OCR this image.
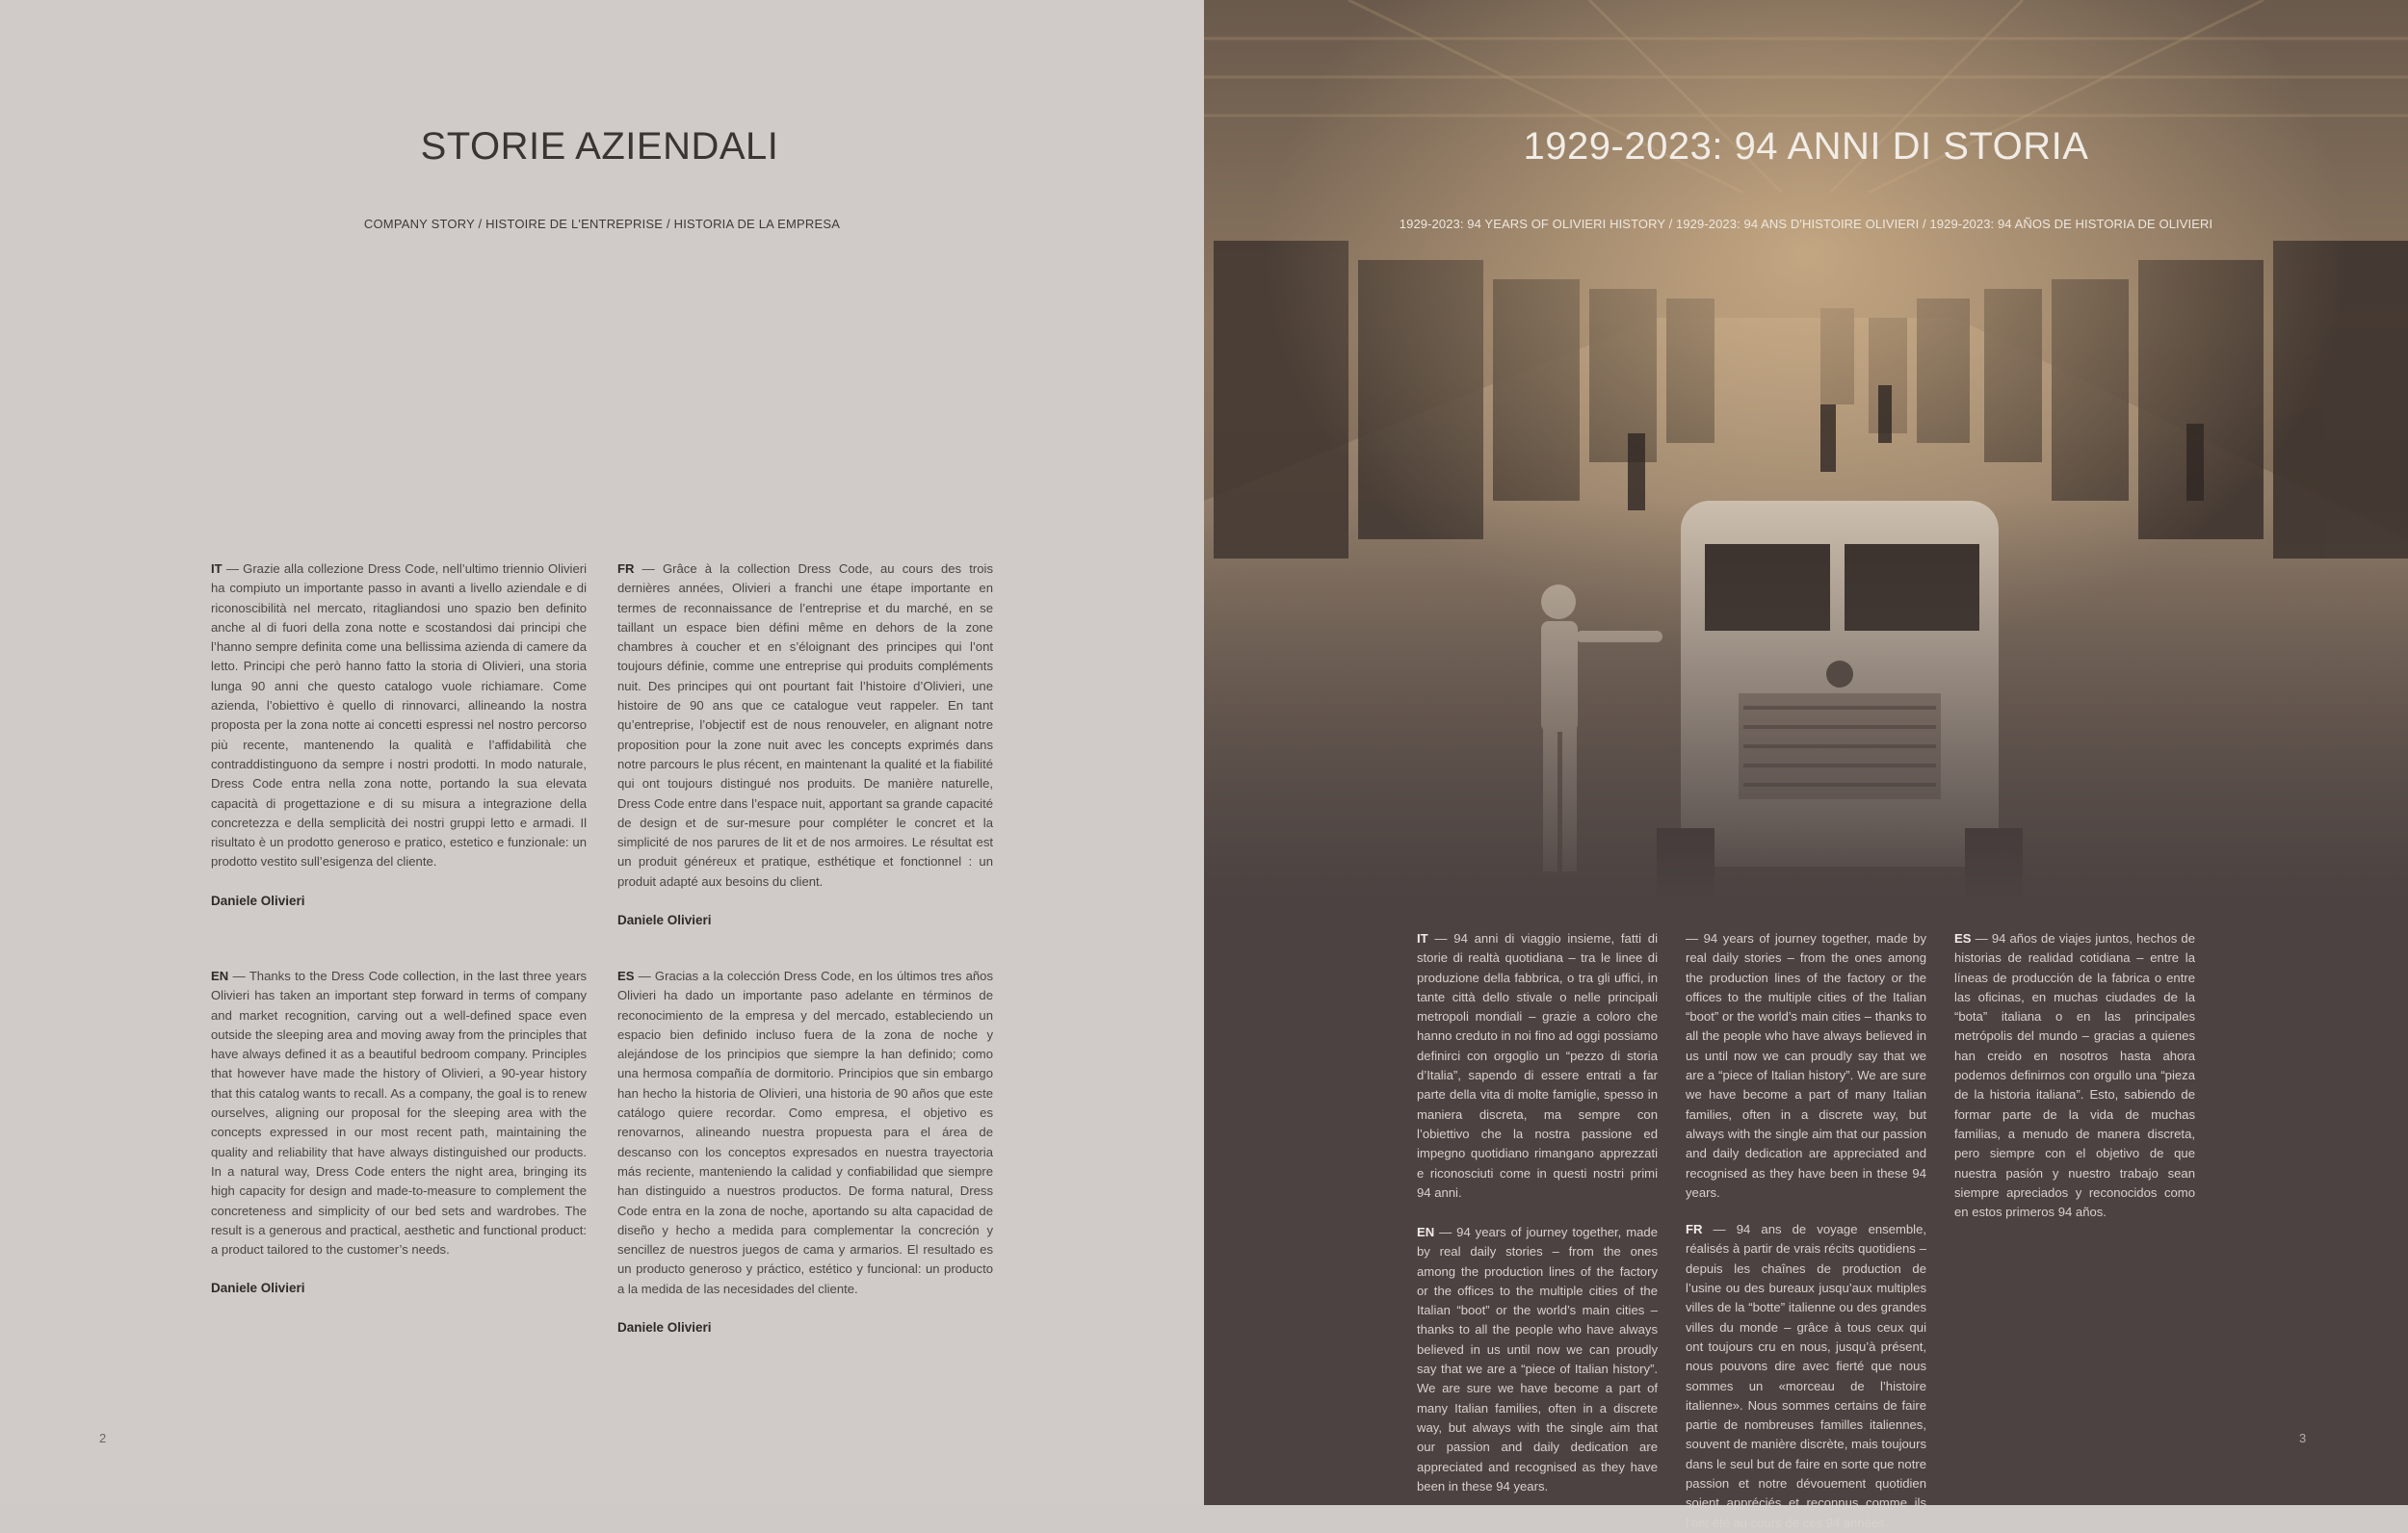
STORIE AZIENDALI
COMPANY STORY / HISTOIRE DE L'ENTREPRISE / HISTORIA DE LA EMPRESA

IT — Grazie alla collezione Dress Code, nell’ultimo triennio Olivieri ha compiuto un importante passo in avanti a livello aziendale e di riconoscibilità nel mercato, ritagliandosi uno spazio ben definito anche al di fuori della zona notte e scostandosi dai principi che l’hanno sempre definita come una bellissima azienda di camere da letto. Principi che però hanno fatto la storia di Olivieri, una storia lunga 90 anni che questo catalogo vuole richiamare. Come azienda, l’obiettivo è quello di rinnovarci, allineando la nostra proposta per la zona notte ai concetti espressi nel nostro percorso più recente, mantenendo la qualità e l’affidabilità che contraddistinguono da sempre i nostri prodotti. In modo naturale, Dress Code entra nella zona notte, portando la sua elevata capacità di progettazione e di su misura a integrazione della concretezza e della semplicità dei nostri gruppi letto e armadi. Il risultato è un prodotto generoso e pratico, estetico e funzionale: un prodotto vestito sull’esigenza del cliente.

Daniele Olivieri

FR — Grâce à la collection Dress Code, au cours des trois dernières années, Olivieri a franchi une étape importante en termes de reconnaissance de l’entreprise et du marché, en se taillant un espace bien défini même en dehors de la zone chambres à coucher et en s’éloignant des principes qui l’ont toujours définie, comme une entreprise qui produits compléments nuit. Des principes qui ont pourtant fait l’histoire d’Olivieri, une histoire de 90 ans que ce catalogue veut rappeler. En tant qu’entreprise, l’objectif est de nous renouveler, en alignant notre proposition pour la zone nuit avec les concepts exprimés dans notre parcours le plus récent, en maintenant la qualité et la fiabilité qui ont toujours distingué nos produits. De manière naturelle, Dress Code entre dans l’espace nuit, apportant sa grande capacité de design et de sur-mesure pour compléter le concret et la simplicité de nos parures de lit et de nos armoires. Le résultat est un produit généreux et pratique, esthétique et fonctionnel : un produit adapté aux besoins du client.

Daniele Olivieri

EN — Thanks to the Dress Code collection, in the last three years Olivieri has taken an important step forward in terms of company and market recognition, carving out a well-defined space even outside the sleeping area and moving away from the principles that have always defined it as a beautiful bedroom company. Principles that however have made the history of Olivieri, a 90-year history that this catalog wants to recall. As a company, the goal is to renew ourselves, aligning our proposal for the sleeping area with the concepts expressed in our most recent path, maintaining the quality and reliability that have always distinguished our products. In a natural way, Dress Code enters the night area, bringing its high capacity for design and made-to-measure to complement the concreteness and simplicity of our bed sets and wardrobes. The result is a generous and practical, aesthetic and functional product: a product tailored to the customer’s needs.

Daniele Olivieri

ES — Gracias a la colección Dress Code, en los últimos tres años Olivieri ha dado un importante paso adelante en términos de reconocimiento de la empresa y del mercado, estableciendo un espacio bien definido incluso fuera de la zona de noche y alejándose de los principios que siempre la han definido; como una hermosa compañía de dormitorio. Principios que sin embargo han hecho la historia de Olivieri, una historia de 90 años que este catálogo quiere recordar. Como empresa, el objetivo es renovarnos, alineando nuestra propuesta para el área de descanso con los conceptos expresados en nuestra trayectoria más reciente, manteniendo la calidad y confiabilidad que siempre han distinguido a nuestros productos. De forma natural, Dress Code entra en la zona de noche, aportando su alta capacidad de diseño y hecho a medida para complementar la concreción y sencillez de nuestros juegos de cama y armarios. El resultado es un producto generoso y práctico, estético y funcional: un producto a la medida de las necesidades del cliente.

Daniele Olivieri

2
1929-2023: 94 ANNI DI STORIA
1929-2023: 94 YEARS OF OLIVIERI HISTORY / 1929-2023: 94 ANS D'HISTOIRE OLIVIERI / 1929-2023: 94 AÑOS DE HISTORIA DE OLIVIERI

IT — 94 anni di viaggio insieme, fatti di storie di realtà quotidiana – tra le linee di produzione della fabbrica, o tra gli uffici, in tante città dello stivale o nelle principali metropoli mondiali – grazie a coloro che hanno creduto in noi fino ad oggi possiamo definirci con orgoglio un “pezzo di storia d’Italia”, sapendo di essere entrati a far parte della vita di molte famiglie, spesso in maniera discreta, ma sempre con l’obiettivo che la nostra passione ed impegno quotidiano rimangano apprezzati e riconosciuti come in questi nostri primi 94 anni.

EN — 94 years of journey together, made by real daily stories – from the ones among the production lines of the factory or the offices to the multiple cities of the Italian “boot” or the world’s main cities – thanks to all the people who have always believed in us until now we can proudly say that we are a “piece of Italian history”. We are sure we have become a part of many Italian families, often in a discrete way, but always with the single aim that our passion and daily dedication are appreciated and recognised as they have been in these 94 years.

— 94 years of journey together, made by real daily stories – from the ones among the production lines of the factory or the offices to the multiple cities of the Italian “boot” or the world’s main cities – thanks to all the people who have always believed in us until now we can proudly say that we are a “piece of Italian history”. We are sure we have become a part of many Italian families, often in a discrete way, but always with the single aim that our passion and daily dedication are appreciated and recognised as they have been in these 94 years.

FR — 94 ans de voyage ensemble, réalisés à partir de vrais récits quotidiens – depuis les chaînes de production de l’usine ou des bureaux jusqu’aux multiples villes de la “botte” italienne ou des grandes villes du monde – grâce à tous ceux qui ont toujours cru en nous, jusqu’à présent, nous pouvons dire avec fierté que nous sommes un «morceau de l’histoire italienne». Nous sommes certains de faire partie de nombreuses familles italiennes, souvent de manière discrète, mais toujours dans le seul but de faire en sorte que notre passion et notre dévouement quotidien soient appréciés et reconnus comme ils l’ont été au cours de ces 94 années.

ES — 94 años de viajes juntos, hechos de historias de realidad cotidiana – entre la líneas de producción de la fabrica o entre las oficinas, en muchas ciudades de la “bota” italiana o en las principales metrópolis del mundo – gracias a quienes han creido en nosotros hasta ahora podemos definirnos con orgullo una “pieza de la historia italiana”. Esto, sabiendo de formar parte de la vida de muchas familias, a menudo de manera discreta, pero siempre con el objetivo de que nuestra pasión y nuestro trabajo sean siempre apreciados y reconocidos como en estos primeros 94 años.

3
